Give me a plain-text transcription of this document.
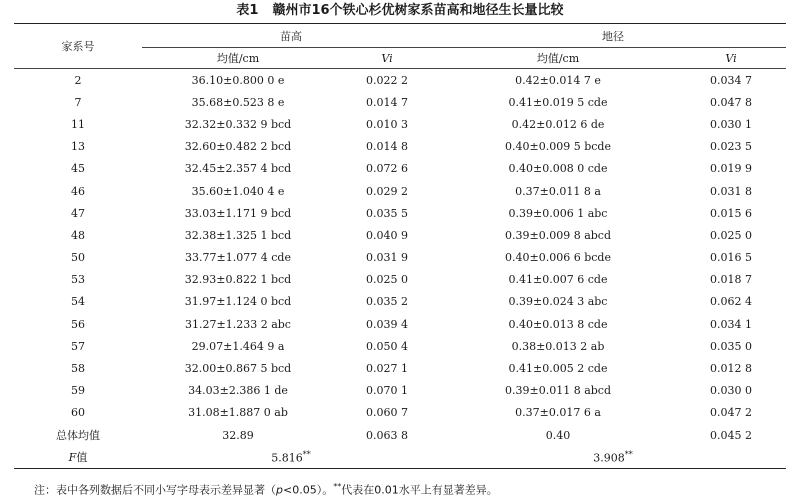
表1 赣州市16个铁心杉优树家系苗高和地径生长量比较
家系号	苗高		地径	
	均值/cm	Vi	均值/cm	Vi
2	36.10±0.800 0 e	0.022 2	0.42±0.014 7 e	0.034 7
7	35.68±0.523 8 e	0.014 7	0.41±0.019 5 cde	0.047 8
11	32.32±0.332 9 bcd	0.010 3	0.42±0.012 6 de	0.030 1
13	32.60±0.482 2 bcd	0.014 8	0.40±0.009 5 bcde	0.023 5
45	32.45±2.357 4 bcd	0.072 6	0.40±0.008 0 cde	0.019 9
46	35.60±1.040 4 e	0.029 2	0.37±0.011 8 a	0.031 8
47	33.03±1.171 9 bcd	0.035 5	0.39±0.006 1 abc	0.015 6
48	32.38±1.325 1 bcd	0.040 9	0.39±0.009 8 abcd	0.025 0
50	33.77±1.077 4 cde	0.031 9	0.40±0.006 6 bcde	0.016 5
53	32.93±0.822 1 bcd	0.025 0	0.41±0.007 6 cde	0.018 7
54	31.97±1.124 0 bcd	0.035 2	0.39±0.024 3 abc	0.062 4
56	31.27±1.233 2 abc	0.039 4	0.40±0.013 8 cde	0.034 1
57	29.07±1.464 9 a	0.050 4	0.38±0.013 2 ab	0.035 0
58	32.00±0.867 5 bcd	0.027 1	0.41±0.005 2 cde	0.012 8
59	34.03±2.386 1 de	0.070 1	0.39±0.011 8 abcd	0.030 0
60	31.08±1.887 0 ab	0.060 7	0.37±0.017 6 a	0.047 2
总体均值	32.89	0.063 8	0.40	0.045 2
F值	5.816**		3.908**
注：表中各列数据后不同小写字母表示差异显著（p<0.05）。**代表在0.01水平上有显著差异。
